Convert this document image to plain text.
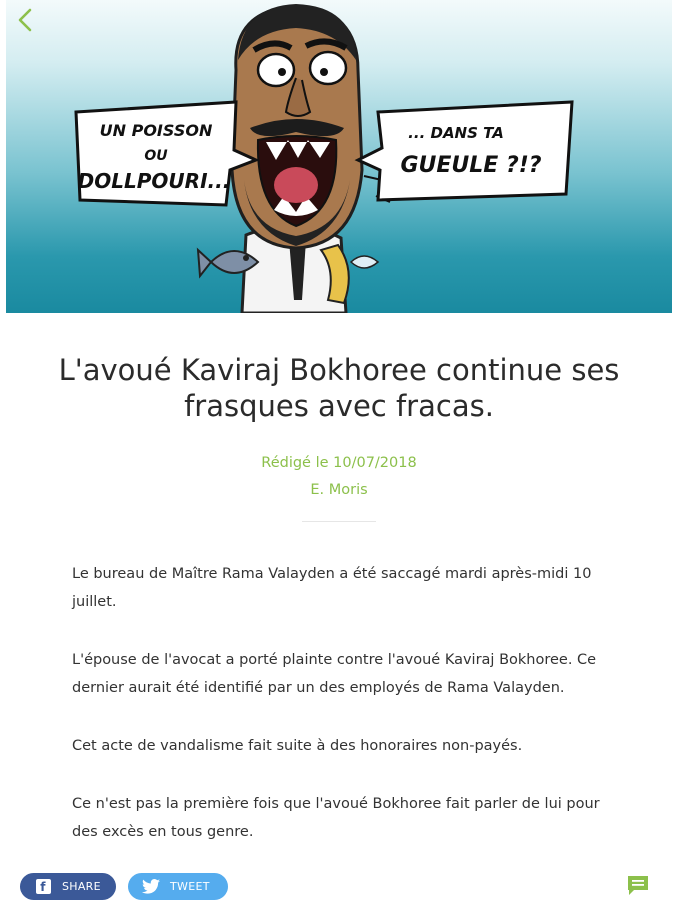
UN POISSON
OU
DOLLPOURI...
... DANS TA
GUEULE ?!?
L'avoué Kaviraj Bokhoree continue ses frasques avec fracas.
Rédigé le 10/07/2018
E. Moris

Le bureau de Maître Rama Valayden a été saccagé mardi après-midi 10 juillet.

L'épouse de l'avocat a porté plainte contre l'avoué Kaviraj Bokhoree. Ce dernier aurait été identifié par un des employés de Rama Valayden.

Cet acte de vandalisme fait suite à des honoraires non-payés.

Ce n'est pas la première fois que l'avoué Bokhoree fait parler de lui pour des excès en tous genre.

f	SHARE	TWEET
